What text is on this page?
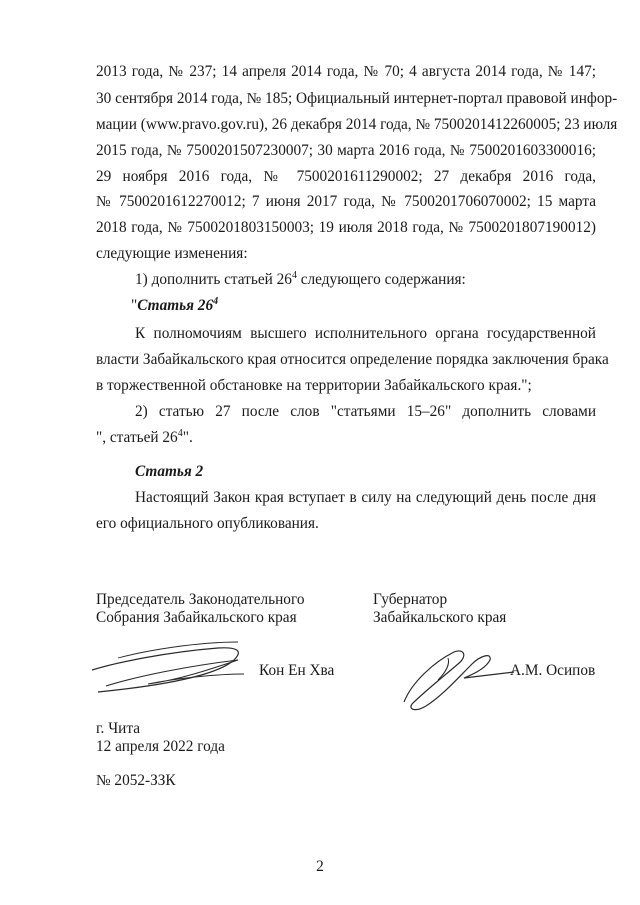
2013 года, № 237; 14 апреля 2014 года, № 70; 4 августа 2014 года, № 147;
30 сентября 2014 года, № 185; Официальный интернет-портал правовой инфор-
мации (www.pravo.gov.ru), 26 декабря 2014 года, № 7500201412260005; 23 июля
2015 года, № 7500201507230007; 30 марта 2016 года, № 7500201603300016;
29 ноября 2016 года, № 7500201611290002; 27 декабря 2016 года,
№ 7500201612270012; 7 июня 2017 года, № 7500201706070002; 15 марта
2018 года, № 7500201803150003; 19 июля 2018 года, № 7500201807190012)
следующие изменения:
1) дополнить статьей $26^4$ следующего содержания:
"Статья $26^4$
К полномочиям высшего исполнительного органа государственной
власти Забайкальского края относится определение порядка заключения брака
в торжественной обстановке на территории Забайкальского края.";
2) статью 27 после слов "статьями 15–26" дополнить словами
", статьей $26^4$".
Статья 2
Настоящий Закон края вступает в силу на следующий день после дня
его официального опубликования.
Председатель Законодательного
Собрания Забайкальского края
Губернатор
Забайкальского края
Кон Ен Хва	А.М. Осипов
г. Чита
12 апреля 2022 года
№ 2052-ЗЗК
2
